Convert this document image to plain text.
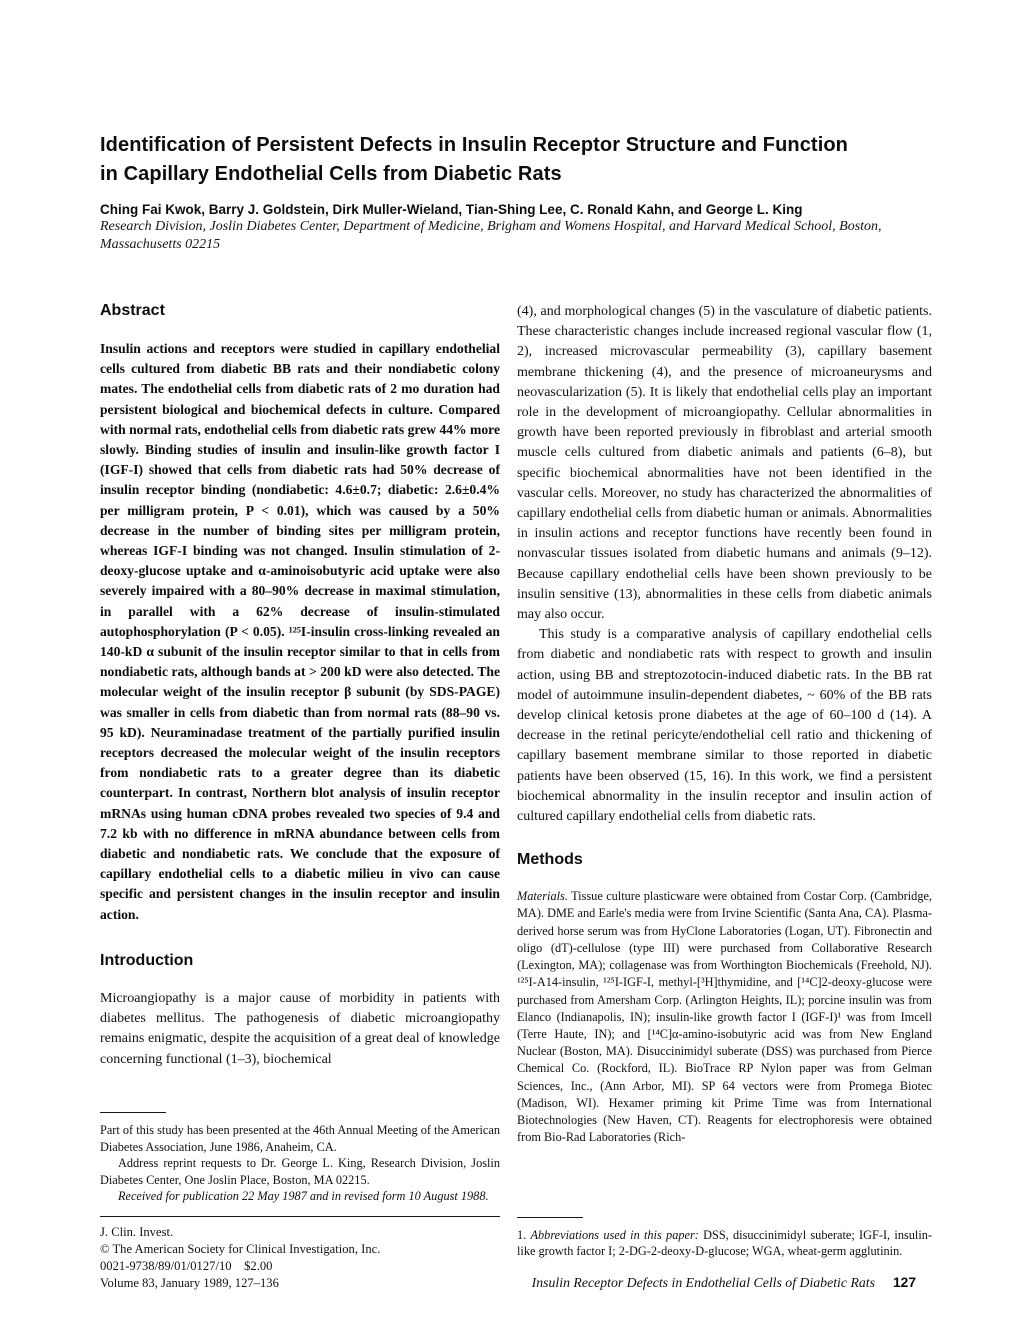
Identification of Persistent Defects in Insulin Receptor Structure and Function
in Capillary Endothelial Cells from Diabetic Rats
Ching Fai Kwok, Barry J. Goldstein, Dirk Muller-Wieland, Tian-Shing Lee, C. Ronald Kahn, and George L. King
Research Division, Joslin Diabetes Center, Department of Medicine, Brigham and Womens Hospital, and Harvard Medical School, Boston, Massachusetts 02215
Abstract

Insulin actions and receptors were studied in capillary endothelial cells cultured from diabetic BB rats and their nondiabetic colony mates. The endothelial cells from diabetic rats of 2 mo duration had persistent biological and biochemical defects in culture. Compared with normal rats, endothelial cells from diabetic rats grew 44% more slowly. Binding studies of insulin and insulin-like growth factor I (IGF-I) showed that cells from diabetic rats had 50% decrease of insulin receptor binding (nondiabetic: 4.6±0.7; diabetic: 2.6±0.4% per milligram protein, P < 0.01), which was caused by a 50% decrease in the number of binding sites per milligram protein, whereas IGF-I binding was not changed. Insulin stimulation of 2-deoxy-glucose uptake and α-aminoisobutyric acid uptake were also severely impaired with a 80–90% decrease in maximal stimulation, in parallel with a 62% decrease of insulin-stimulated autophosphorylation (P < 0.05). ¹²⁵I-insulin cross-linking revealed an 140-kD α subunit of the insulin receptor similar to that in cells from nondiabetic rats, although bands at > 200 kD were also detected. The molecular weight of the insulin receptor β subunit (by SDS-PAGE) was smaller in cells from diabetic than from normal rats (88–90 vs. 95 kD). Neuraminadase treatment of the partially purified insulin receptors decreased the molecular weight of the insulin receptors from nondiabetic rats to a greater degree than its diabetic counterpart. In contrast, Northern blot analysis of insulin receptor mRNAs using human cDNA probes revealed two species of 9.4 and 7.2 kb with no difference in mRNA abundance between cells from diabetic and nondiabetic rats. We conclude that the exposure of capillary endothelial cells to a diabetic milieu in vivo can cause specific and persistent changes in the insulin receptor and insulin action.

Introduction

Microangiopathy is a major cause of morbidity in patients with diabetes mellitus. The pathogenesis of diabetic microangiopathy remains enigmatic, despite the acquisition of a great deal of knowledge concerning functional (1–3), biochemical

Part of this study has been presented at the 46th Annual Meeting of the American Diabetes Association, June 1986, Anaheim, CA.

Address reprint requests to Dr. George L. King, Research Division, Joslin Diabetes Center, One Joslin Place, Boston, MA 02215.

Received for publication 22 May 1987 and in revised form 10 August 1988.

J. Clin. Invest.
© The American Society for Clinical Investigation, Inc.
0021-9738/89/01/0127/10 $2.00
Volume 83, January 1989, 127–136

(4), and morphological changes (5) in the vasculature of diabetic patients. These characteristic changes include increased regional vascular flow (1, 2), increased microvascular permeability (3), capillary basement membrane thickening (4), and the presence of microaneurysms and neovascularization (5). It is likely that endothelial cells play an important role in the development of microangiopathy. Cellular abnormalities in growth have been reported previously in fibroblast and arterial smooth muscle cells cultured from diabetic animals and patients (6–8), but specific biochemical abnormalities have not been identified in the vascular cells. Moreover, no study has characterized the abnormalities of capillary endothelial cells from diabetic human or animals. Abnormalities in insulin actions and receptor functions have recently been found in nonvascular tissues isolated from diabetic humans and animals (9–12). Because capillary endothelial cells have been shown previously to be insulin sensitive (13), abnormalities in these cells from diabetic animals may also occur.

This study is a comparative analysis of capillary endothelial cells from diabetic and nondiabetic rats with respect to growth and insulin action, using BB and streptozotocin-induced diabetic rats. In the BB rat model of autoimmune insulin-dependent diabetes, ~ 60% of the BB rats develop clinical ketosis prone diabetes at the age of 60–100 d (14). A decrease in the retinal pericyte/endothelial cell ratio and thickening of capillary basement membrane similar to those reported in diabetic patients have been observed (15, 16). In this work, we find a persistent biochemical abnormality in the insulin receptor and insulin action of cultured capillary endothelial cells from diabetic rats.

Methods

Materials. Tissue culture plasticware were obtained from Costar Corp. (Cambridge, MA). DME and Earle's media were from Irvine Scientific (Santa Ana, CA). Plasma-derived horse serum was from HyClone Laboratories (Logan, UT). Fibronectin and oligo (dT)-cellulose (type III) were purchased from Collaborative Research (Lexington, MA); collagenase was from Worthington Biochemicals (Freehold, NJ). ¹²⁵I-A14-insulin, ¹²⁵I-IGF-I, methyl-[³H]thymidine, and [¹⁴C]2-deoxy-glucose were purchased from Amersham Corp. (Arlington Heights, IL); porcine insulin was from Elanco (Indianapolis, IN); insulin-like growth factor I (IGF-I)¹ was from Imcell (Terre Haute, IN); and [¹⁴C]α-amino-isobutyric acid was from New England Nuclear (Boston, MA). Disuccinimidyl suberate (DSS) was purchased from Pierce Chemical Co. (Rockford, IL). BioTrace RP Nylon paper was from Gelman Sciences, Inc., (Ann Arbor, MI). SP 64 vectors were from Promega Biotec (Madison, WI). Hexamer priming kit Prime Time was from International Biotechnologies (New Haven, CT). Reagents for electrophoresis were obtained from Bio-Rad Laboratories (Rich-

1. Abbreviations used in this paper: DSS, disuccinimidyl suberate; IGF-I, insulin-like growth factor I; 2-DG-2-deoxy-D-glucose; WGA, wheat-germ agglutinin.

Insulin Receptor Defects in Endothelial Cells of Diabetic Rats 127
